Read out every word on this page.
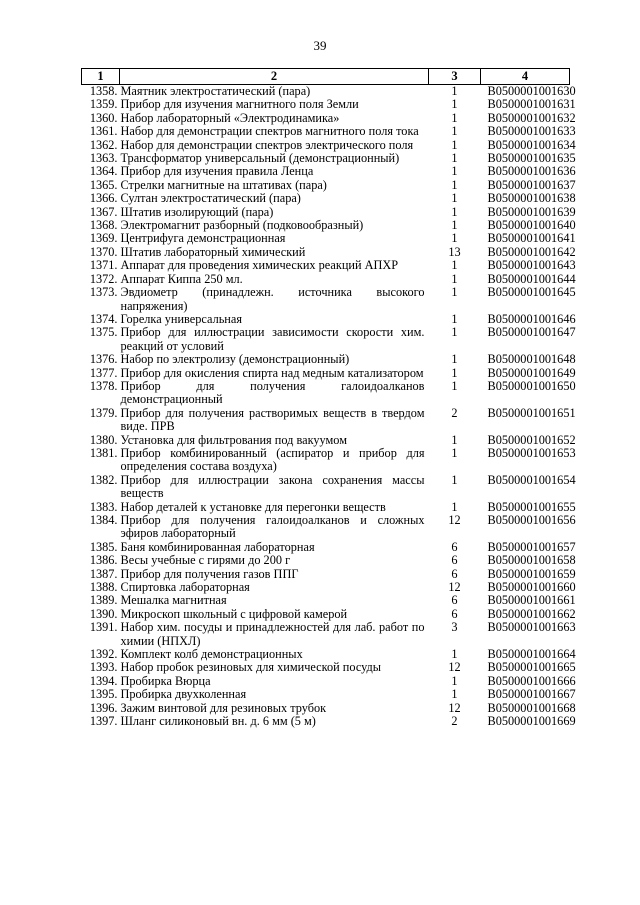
39
1	2	3	4
1358.	Маятник электростатический (пара)	1	B0500001001630
1359.	Прибор для изучения магнитного поля Земли	1	B0500001001631
1360.	Набор лабораторный «Электродинамика»	1	B0500001001632
1361.	Набор для демонстрации спектров магнитного поля тока	1	B0500001001633
1362.	Набор для демонстрации спектров электрического поля	1	B0500001001634
1363.	Трансформатор универсальный (демонстрационный)	1	B0500001001635
1364.	Прибор для изучения правила Ленца	1	B0500001001636
1365.	Стрелки магнитные на штативах (пара)	1	B0500001001637
1366.	Султан электростатический (пара)	1	B0500001001638
1367.	Штатив изолирующий (пара)	1	B0500001001639
1368.	Электромагнит разборный (подковообразный)	1	B0500001001640
1369.	Центрифуга демонстрационная	1	B0500001001641
1370.	Штатив лабораторный химический	13	B0500001001642
1371.	Аппарат для проведения химических реакций АПХР	1	B0500001001643
1372.	Аппарат Киппа 250 мл.	1	B0500001001644
1373.	Эвдиометр (принадлежн. источника высокого напряжения)	1	B0500001001645
1374.	Горелка универсальная	1	B0500001001646
1375.	Прибор для иллюстрации зависимости скорости хим. реакций от условий	1	B0500001001647
1376.	Набор по электролизу (демонстрационный)	1	B0500001001648
1377.	Прибор для окисления спирта над медным катализатором	1	B0500001001649
1378.	Прибор для получения галоидоалканов демонстрационный	1	B0500001001650
1379.	Прибор для получения растворимых веществ в твердом виде. ПРВ	2	B0500001001651
1380.	Установка для фильтрования под вакуумом	1	B0500001001652
1381.	Прибор комбинированный (аспиратор и прибор для определения состава воздуха)	1	B0500001001653
1382.	Прибор для иллюстрации закона сохранения массы веществ	1	B0500001001654
1383.	Набор деталей к установке для перегонки веществ	1	B0500001001655
1384.	Прибор для получения галоидоалканов и сложных эфиров лабораторный	12	B0500001001656
1385.	Баня комбинированная лабораторная	6	B0500001001657
1386.	Весы учебные с гирями до 200 г	6	B0500001001658
1387.	Прибор для получения газов ППГ	6	B0500001001659
1388.	Спиртовка лабораторная	12	B0500001001660
1389.	Мешалка магнитная	6	B0500001001661
1390.	Микроскоп школьный с цифровой камерой	6	B0500001001662
1391.	Набор хим. посуды и принадлежностей для лаб. работ по химии (НПХЛ)	3	B0500001001663
1392.	Комплект колб демонстрационных	1	B0500001001664
1393.	Набор пробок резиновых для химической посуды	12	B0500001001665
1394.	Пробирка Вюрца	1	B0500001001666
1395.	Пробирка двухколенная	1	B0500001001667
1396.	Зажим винтовой для резиновых трубок	12	B0500001001668
1397.	Шланг силиконовый вн. д. 6 мм (5 м)	2	B0500001001669
